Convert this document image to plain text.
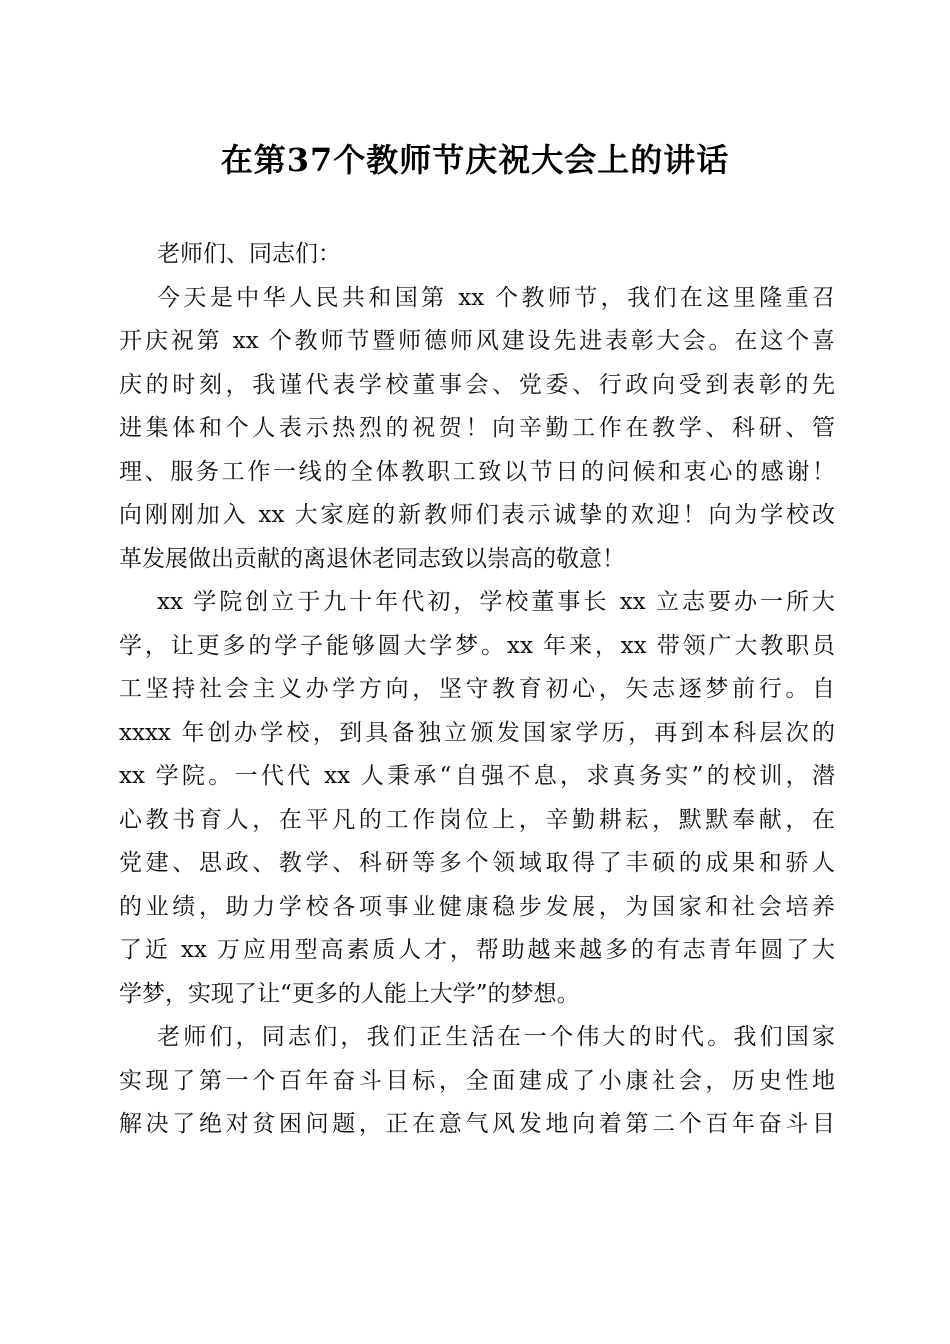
在第37个教师节庆祝大会上的讲话
老师们、同志们：
今天是中华人民共和国第 xx 个教师节，我们在这里隆重召
开庆祝第 xx 个教师节暨师德师风建设先进表彰大会。在这个喜
庆的时刻，我谨代表学校董事会、党委、行政向受到表彰的先
进集体和个人表示热烈的祝贺！向辛勤工作在教学、科研、管
理、服务工作一线的全体教职工致以节日的问候和衷心的感谢！
向刚刚加入 xx 大家庭的新教师们表示诚挚的欢迎！向为学校改
革发展做出贡献的离退休老同志致以崇高的敬意！
xx 学院创立于九十年代初，学校董事长 xx 立志要办一所大
学，让更多的学子能够圆大学梦。xx 年来，xx 带领广大教职员
工坚持社会主义办学方向，坚守教育初心，矢志逐梦前行。自
xxxx 年创办学校，到具备独立颁发国家学历，再到本科层次的
xx 学院。一代代 xx 人秉承“自强不息，求真务实”的校训，潜
心教书育人，在平凡的工作岗位上，辛勤耕耘，默默奉献，在
党建、思政、教学、科研等多个领域取得了丰硕的成果和骄人
的业绩，助力学校各项事业健康稳步发展，为国家和社会培养
了近 xx 万应用型高素质人才，帮助越来越多的有志青年圆了大
学梦，实现了让“更多的人能上大学”的梦想。
老师们，同志们，我们正生活在一个伟大的时代。我们国家
实现了第一个百年奋斗目标，全面建成了小康社会，历史性地
解决了绝对贫困问题，正在意气风发地向着第二个百年奋斗目
